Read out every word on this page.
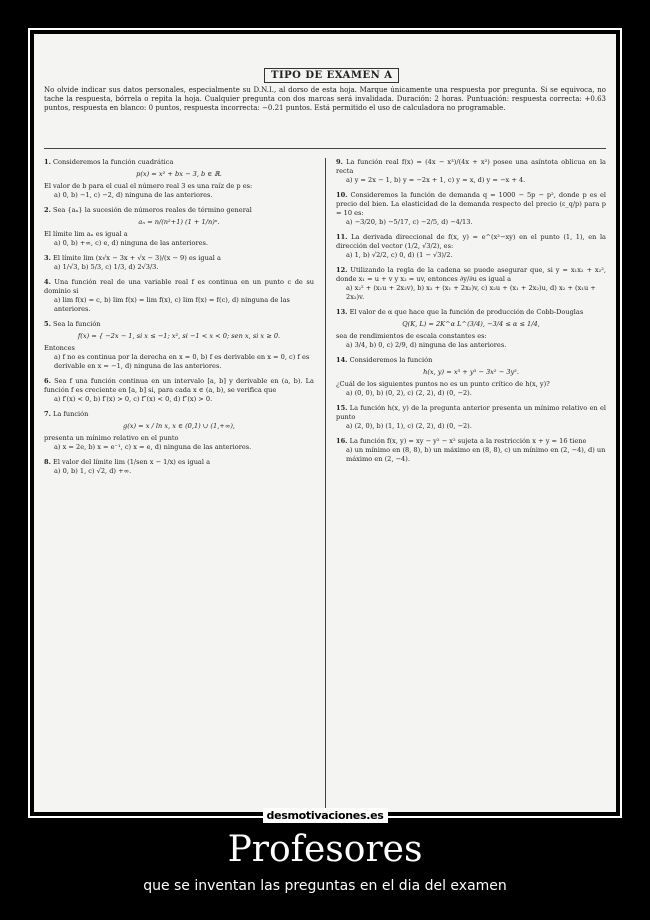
TIPO DE EXAMEN A
No olvide indicar sus datos personales, especialmente su D.N.I., al dorso de esta hoja. Marque únicamente una respuesta por pregunta. Si se equivoca, no tache la respuesta, bórrela o repita la hoja. Cualquier pregunta con dos marcas será invalidada. Duración: 2 horas. Puntuación: respuesta correcta: +0.63 puntos, respuesta en blanco: 0 puntos, respuesta incorrecta: −0.21 puntos. Está permitido el uso de calculadora no programable.
1. Consideremos la función cuadrática
p(x) = x² + bx − 3, b ∈ ℝ.
El valor de b para el cual el número real 3 es una raíz de p es:
a) 0, b) −1, c) −2, d) ninguna de las anteriores.
2. Sea {aₙ} la sucesión de números reales de término general
aₙ = n/(n²+1) (1 + 1/n)ⁿ.
El límite lim aₙ es igual a
a) 0, b) +∞, c) e, d) ninguna de las anteriores.
3. El límite lim (x√x − 3x + √x − 3)/(x − 9) es igual a
a) 1/√3, b) 5/3, c) 1/3, d) 2√3/3.
4. Una función real de una variable real f es continua en un punto c de su dominio si
a) lim f(x) = c, b) lim f(x) = lim f(x), c) lim f(x) = f(c), d) ninguna de las anteriores.
5. Sea la función
f(x) = { −2x − 1, si x ≤ −1; x², si −1 < x < 0; sen x, si x ≥ 0.
Entonces
a) f no es continua por la derecha en x = 0, b) f es derivable en x = 0, c) f es derivable en x = −1, d) ninguna de las anteriores.
6. Sea f una función continua en un intervalo [a, b] y derivable en (a, b). La función f es creciente en [a, b] si, para cada x ∈ (a, b), se verifica que
a) f′(x) < 0, b) f′(x) > 0, c) f″(x) < 0, d) f″(x) > 0.
7. La función
g(x) = x / ln x, x ∈ (0,1) ∪ (1,+∞),
presenta un mínimo relativo en el punto
a) x = 2e, b) x = e⁻¹, c) x = e, d) ninguna de las anteriores.
8. El valor del límite lim (1/sen x − 1/x) es igual a
a) 0, b) 1, c) √2, d) +∞.
9. La función real f(x) = (4x − x³)/(4x + x²) posee una asíntota oblicua en la recta
a) y = 2x − 1, b) y = −2x + 1, c) y = x, d) y = −x + 4.
10. Consideremos la función de demanda q = 1000 − 5p − p², donde p es el precio del bien. La elasticidad de la demanda respecto del precio (ε_q/p) para p = 10 es:
a) −3/20, b) −5/17, c) −2/5, d) −4/13.
11. La derivada direccional de f(x, y) = e^(x²−xy) en el punto (1, 1), en la dirección del vector (1/2, √3/2), es:
a) 1, b) √2/2, c) 0, d) (1 − √3)/2.
12. Utilizando la regla de la cadena se puede asegurar que, si y = x₁x₂ + x₂², donde x₁ = u + v y x₂ = uv, entonces ∂y/∂u es igual a
a) x₂² + (x₁u + 2x₂v), b) x₂ + (x₁ + 2x₂)v, c) x₂u + (x₁ + 2x₂)u, d) x₂ + (x₁u + 2x₂)v.
13. El valor de α que hace que la función de producción de Cobb-Douglas
Q(K, L) = 2K^α L^(3/4), −3/4 ≤ α ≤ 1/4,
sea de rendimientos de escala constantes es:
a) 3/4, b) 0, c) 2/9, d) ninguna de las anteriores.
14. Consideremos la función
h(x, y) = x³ + y³ − 3x² − 3y².
¿Cuál de los siguientes puntos no es un punto crítico de h(x, y)?
a) (0, 0), b) (0, 2), c) (2, 2), d) (0, −2).
15. La función h(x, y) de la pregunta anterior presenta un mínimo relativo en el punto
a) (2, 0), b) (1, 1), c) (2, 2), d) (0, −2).
16. La función f(x, y) = xy − y² − x² sujeta a la restricción x + y = 16 tiene
a) un mínimo en (8, 8), b) un máximo en (8, 8), c) un mínimo en (2, −4), d) un máximo en (2, −4).
desmotivaciones.es
Profesores
que se inventan las preguntas en el dia del examen
